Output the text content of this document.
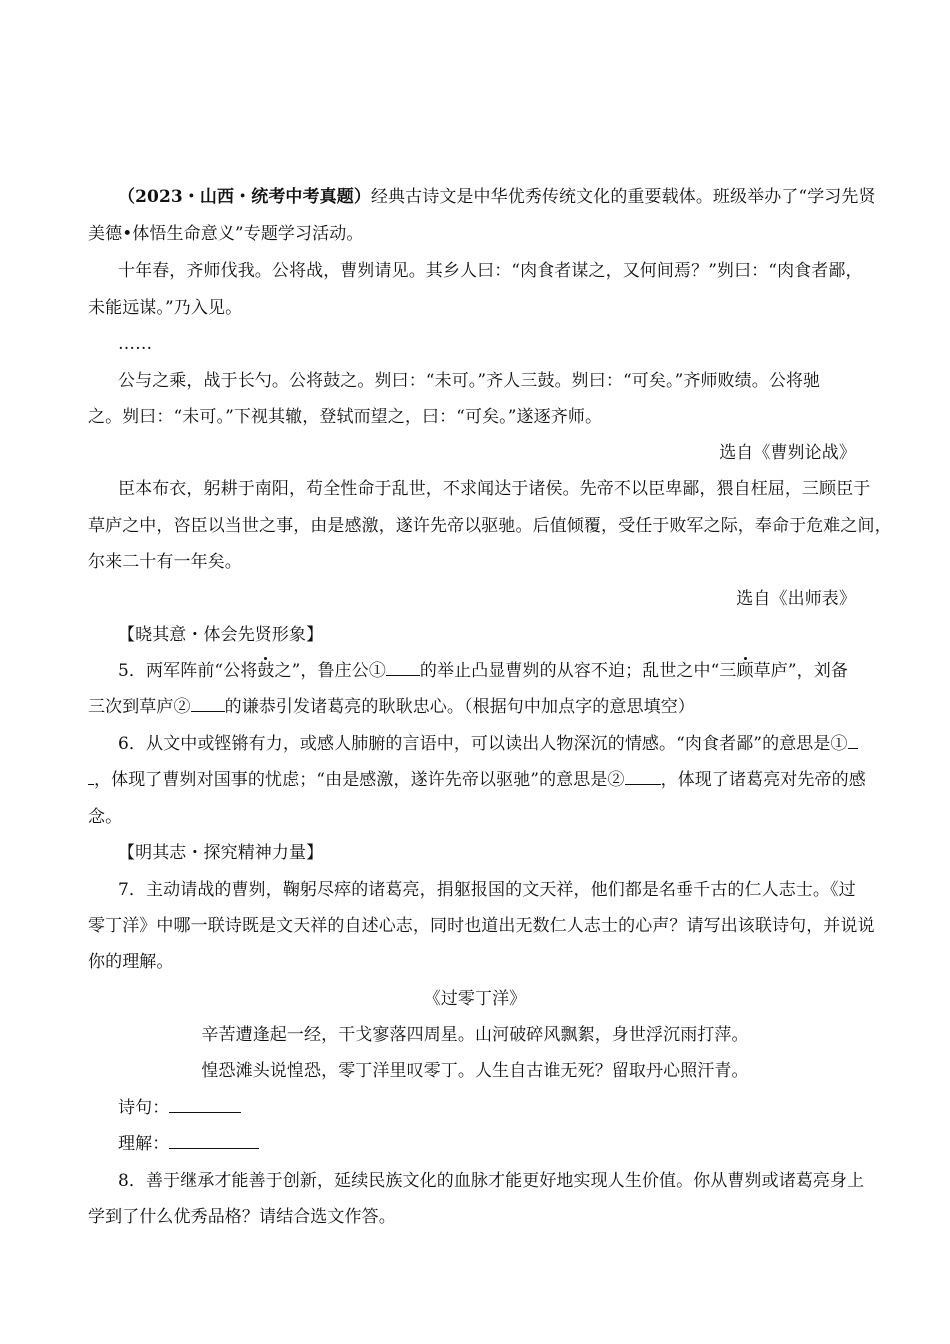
（2023・山西・统考中考真题）经典古诗文是中华优秀传统文化的重要载体。班级举办了“学习先贤
美德•体悟生命意义”专题学习活动。
十年春，齐师伐我。公将战，曹刿请见。其乡人曰：“肉食者谋之，又何间焉？”刿曰：“肉食者鄙，
未能远谋。”乃入见。
……
公与之乘，战于长勺。公将鼓之。刿曰：“未可。”齐人三鼓。刿曰：“可矣。”齐师败绩。公将驰
之。刿曰：“未可。”下视其辙，登轼而望之，曰：“可矣。”遂逐齐师。
选自《曹刿论战》
臣本布衣，躬耕于南阳，苟全性命于乱世，不求闻达于诸侯。先帝不以臣卑鄙，猥自枉屈，三顾臣于
草庐之中，咨臣以当世之事，由是感激，遂许先帝以驱驰。后值倾覆，受任于败军之际，奉命于危难之间，
尔来二十有一年矣。
选自《出师表》
【晓其意・体会先贤形象】
5．两军阵前“公将鼓之”，鲁庄公① 的举止凸显曹刿的从容不迫；乱世之中“三顾草庐”，刘备
三次到草庐② 的谦恭引发诸葛亮的耿耿忠心。（根据句中加点字的意思填空）
6．从文中或铿锵有力，或感人肺腑的言语中，可以读出人物深沉的情感。“肉食者鄙”的意思是①
，体现了曹刿对国事的忧虑；“由是感激，遂许先帝以驱驰”的意思是② ，体现了诸葛亮对先帝的感
念。
【明其志・探究精神力量】
7．主动请战的曹刿，鞠躬尽瘁的诸葛亮，捐躯报国的文天祥，他们都是名垂千古的仁人志士。《过
零丁洋》中哪一联诗既是文天祥的自述心志，同时也道出无数仁人志士的心声？请写出该联诗句，并说说
你的理解。
《过零丁洋》
辛苦遭逢起一经，干戈寥落四周星。山河破碎风飘絮，身世浮沉雨打萍。
惶恐滩头说惶恐，零丁洋里叹零丁。人生自古谁无死？留取丹心照汗青。
诗句：
理解：
8．善于继承才能善于创新，延续民族文化的血脉才能更好地实现人生价值。你从曹刿或诸葛亮身上
学到了什么优秀品格？请结合选文作答。
